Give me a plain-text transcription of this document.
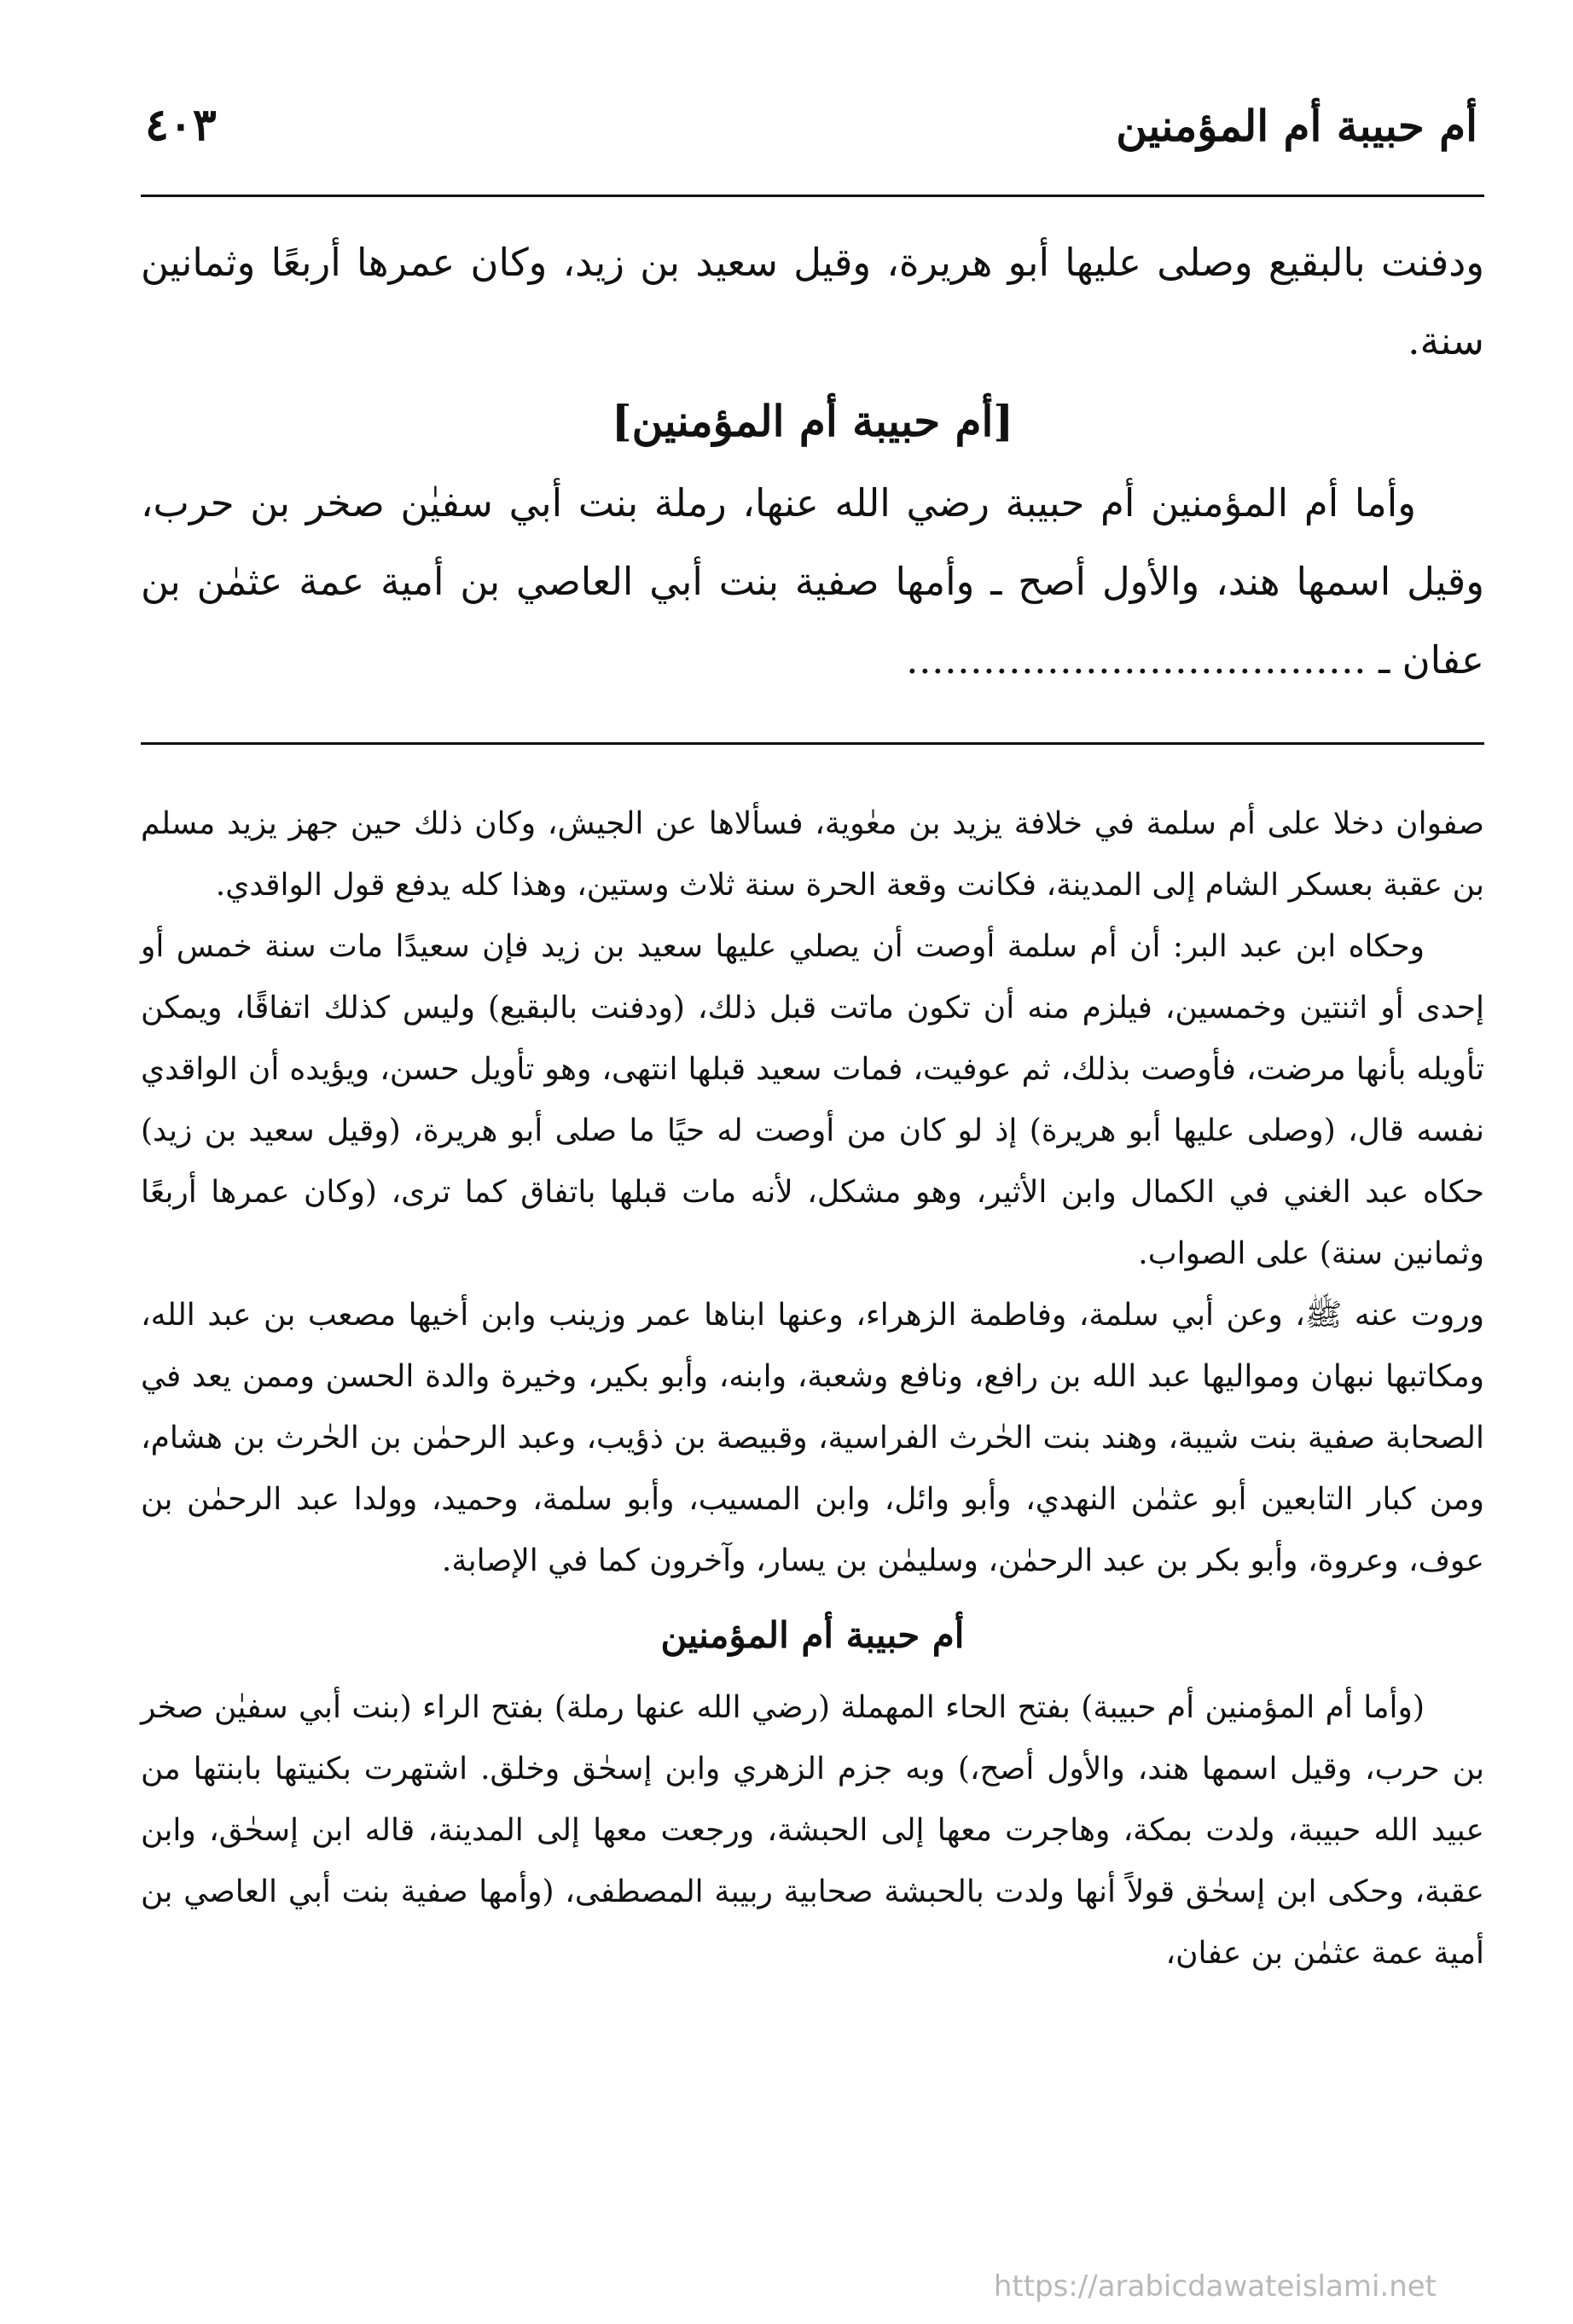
أم حبيبة أم المؤمنين
٤٠٣

ودفنت بالبقيع وصلى عليها أبو هريرة، وقيل سعيد بن زيد، وكان عمرها أربعًا وثمانين سنة.

[أم حبيبة أم المؤمنين]

وأما أم المؤمنين أم حبيبة رضي الله عنها، رملة بنت أبي سفيٰن صخر بن حرب، وقيل اسمها هند، والأول أصح ـ وأمها صفية بنت أبي العاصي بن أمية عمة عثمٰن بن عفان ـ ………………………………

صفوان دخلا على أم سلمة في خلافة يزيد بن معٰوية، فسألاها عن الجيش، وكان ذلك حين جهز يزيد مسلم بن عقبة بعسكر الشام إلى المدينة، فكانت وقعة الحرة سنة ثلاث وستين، وهذا كله يدفع قول الواقدي.

وحكاه ابن عبد البر: أن أم سلمة أوصت أن يصلي عليها سعيد بن زيد فإن سعيدًا مات سنة خمس أو إحدى أو اثنتين وخمسين، فيلزم منه أن تكون ماتت قبل ذلك، (ودفنت بالبقيع) وليس كذلك اتفاقًا، ويمكن تأويله بأنها مرضت، فأوصت بذلك، ثم عوفيت، فمات سعيد قبلها انتهى، وهو تأويل حسن، ويؤيده أن الواقدي نفسه قال، (وصلى عليها أبو هريرة) إذ لو كان من أوصت له حيًا ما صلى أبو هريرة، (وقيل سعيد بن زيد) حكاه عبد الغني في الكمال وابن الأثير، وهو مشكل، لأنه مات قبلها باتفاق كما ترى، (وكان عمرها أربعًا وثمانين سنة) على الصواب.

وروت عنه ﷺ، وعن أبي سلمة، وفاطمة الزهراء، وعنها ابناها عمر وزينب وابن أخيها مصعب بن عبد الله، ومكاتبها نبهان ومواليها عبد الله بن رافع، ونافع وشعبة، وابنه، وأبو بكير، وخيرة والدة الحسن وممن يعد في الصحابة صفية بنت شيبة، وهند بنت الحٰرث الفراسية، وقبيصة بن ذؤيب، وعبد الرحمٰن بن الحٰرث بن هشام، ومن كبار التابعين أبو عثمٰن النهدي، وأبو وائل، وابن المسيب، وأبو سلمة، وحميد، وولدا عبد الرحمٰن بن عوف، وعروة، وأبو بكر بن عبد الرحمٰن، وسليمٰن بن يسار، وآخرون كما في الإصابة.

أم حبيبة أم المؤمنين

(وأما أم المؤمنين أم حبيبة) بفتح الحاء المهملة (رضي الله عنها رملة) بفتح الراء (بنت أبي سفيٰن صخر بن حرب، وقيل اسمها هند، والأول أصح،) وبه جزم الزهري وابن إسحٰق وخلق. اشتهرت بكنيتها بابنتها من عبيد الله حبيبة، ولدت بمكة، وهاجرت معها إلى الحبشة، ورجعت معها إلى المدينة، قاله ابن إسحٰق، وابن عقبة، وحكى ابن إسحٰق قولاً أنها ولدت بالحبشة صحابية ربيبة المصطفى، (وأمها صفية بنت أبي العاصي بن أمية عمة عثمٰن بن عفان،

https://arabicdawateislami.net
